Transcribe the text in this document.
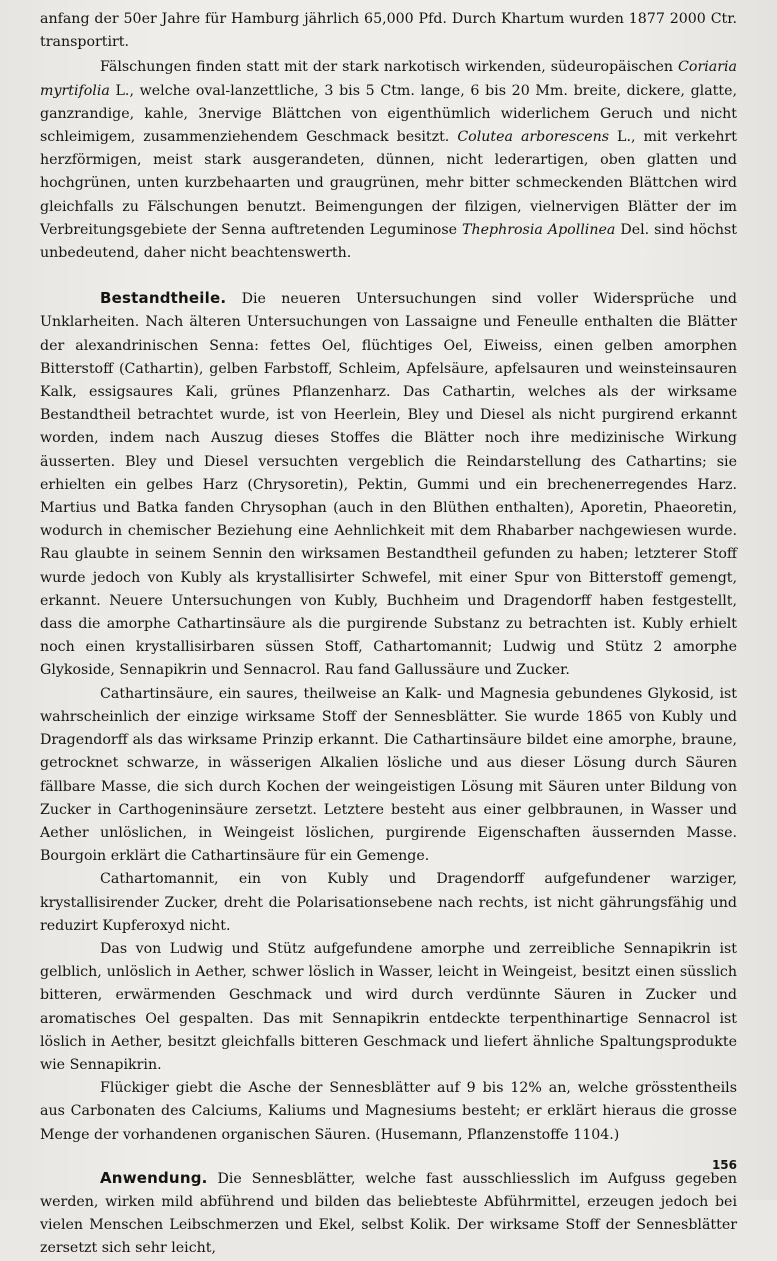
anfang der 50er Jahre für Hamburg jährlich 65,000 Pfd. Durch Khartum wurden 1877 2000 Ctr. transportirt.

Fälschungen finden statt mit der stark narkotisch wirkenden, südeuropäischen Coriaria myrtifolia L., welche oval-lanzettliche, 3 bis 5 Ctm. lange, 6 bis 20 Mm. breite, dickere, glatte, ganzrandige, kahle, 3nervige Blättchen von eigenthümlich widerlichem Geruch und nicht schleimigem, zusammenziehendem Geschmack besitzt. Colutea arborescens L., mit verkehrt herzförmigen, meist stark ausgerandeten, dünnen, nicht lederartigen, oben glatten und hochgrünen, unten kurzbehaarten und graugrünen, mehr bitter schmeckenden Blättchen wird gleichfalls zu Fälschungen benutzt. Beimengungen der filzigen, vielnervigen Blätter der im Verbreitungsgebiete der Senna auftretenden Leguminose Thephrosia Apollinea Del. sind höchst unbedeutend, daher nicht beachtenswerth.

Bestandtheile. Die neueren Untersuchungen sind voller Widersprüche und Unklarheiten. Nach älteren Untersuchungen von Lassaigne und Feneulle enthalten die Blätter der alexandrinischen Senna: fettes Oel, flüchtiges Oel, Eiweiss, einen gelben amorphen Bitterstoff (Cathartin), gelben Farbstoff, Schleim, Apfelsäure, apfelsauren und weinsteinsauren Kalk, essigsaures Kali, grünes Pflanzenharz. Das Cathartin, welches als der wirksame Bestandtheil betrachtet wurde, ist von Heerlein, Bley und Diesel als nicht purgirend erkannt worden, indem nach Auszug dieses Stoffes die Blätter noch ihre medizinische Wirkung äusserten. Bley und Diesel versuchten vergeblich die Reindarstellung des Cathartins; sie erhielten ein gelbes Harz (Chrysoretin), Pektin, Gummi und ein brechenerregendes Harz. Martius und Batka fanden Chrysophan (auch in den Blüthen enthalten), Aporetin, Phaeoretin, wodurch in chemischer Beziehung eine Aehnlichkeit mit dem Rhabarber nachgewiesen wurde. Rau glaubte in seinem Sennin den wirksamen Bestandtheil gefunden zu haben; letzterer Stoff wurde jedoch von Kubly als krystallisirter Schwefel, mit einer Spur von Bitterstoff gemengt, erkannt. Neuere Untersuchungen von Kubly, Buchheim und Dragendorff haben festgestellt, dass die amorphe Cathartinsäure als die purgirende Substanz zu betrachten ist. Kubly erhielt noch einen krystallisirbaren süssen Stoff, Cathartomannit; Ludwig und Stütz 2 amorphe Glykoside, Sennapikrin und Sennacrol. Rau fand Gallussäure und Zucker.

Cathartinsäure, ein saures, theilweise an Kalk- und Magnesia gebundenes Glykosid, ist wahrscheinlich der einzige wirksame Stoff der Sennesblätter. Sie wurde 1865 von Kubly und Dragendorff als das wirksame Prinzip erkannt. Die Cathartinsäure bildet eine amorphe, braune, getrocknet schwarze, in wässerigen Alkalien lösliche und aus dieser Lösung durch Säuren fällbare Masse, die sich durch Kochen der weingeistigen Lösung mit Säuren unter Bildung von Zucker in Carthogeninsäure zersetzt. Letztere besteht aus einer gelbbraunen, in Wasser und Aether unlöslichen, in Weingeist löslichen, purgirende Eigenschaften äussernden Masse. Bourgoin erklärt die Cathartinsäure für ein Gemenge.

Cathartomannit, ein von Kubly und Dragendorff aufgefundener warziger, krystallisirender Zucker, dreht die Polarisationsebene nach rechts, ist nicht gährungsfähig und reduzirt Kupferoxyd nicht.

Das von Ludwig und Stütz aufgefundene amorphe und zerreibliche Sennapikrin ist gelblich, unlöslich in Aether, schwer löslich in Wasser, leicht in Weingeist, besitzt einen süsslich bitteren, erwärmenden Geschmack und wird durch verdünnte Säuren in Zucker und aromatisches Oel gespalten. Das mit Sennapikrin entdeckte terpenthinartige Sennacrol ist löslich in Aether, besitzt gleichfalls bitteren Geschmack und liefert ähnliche Spaltungsprodukte wie Sennapikrin.

Flückiger giebt die Asche der Sennesblätter auf 9 bis 12% an, welche grösstentheils aus Carbonaten des Calciums, Kaliums und Magnesiums besteht; er erklärt hieraus die grosse Menge der vorhandenen organischen Säuren. (Husemann, Pflanzenstoffe 1104.)

Anwendung. Die Sennesblätter, welche fast ausschliesslich im Aufguss gegeben werden, wirken mild abführend und bilden das beliebteste Abführmittel, erzeugen jedoch bei vielen Menschen Leibschmerzen und Ekel, selbst Kolik. Der wirksame Stoff der Sennesblätter zersetzt sich sehr leicht,

156
